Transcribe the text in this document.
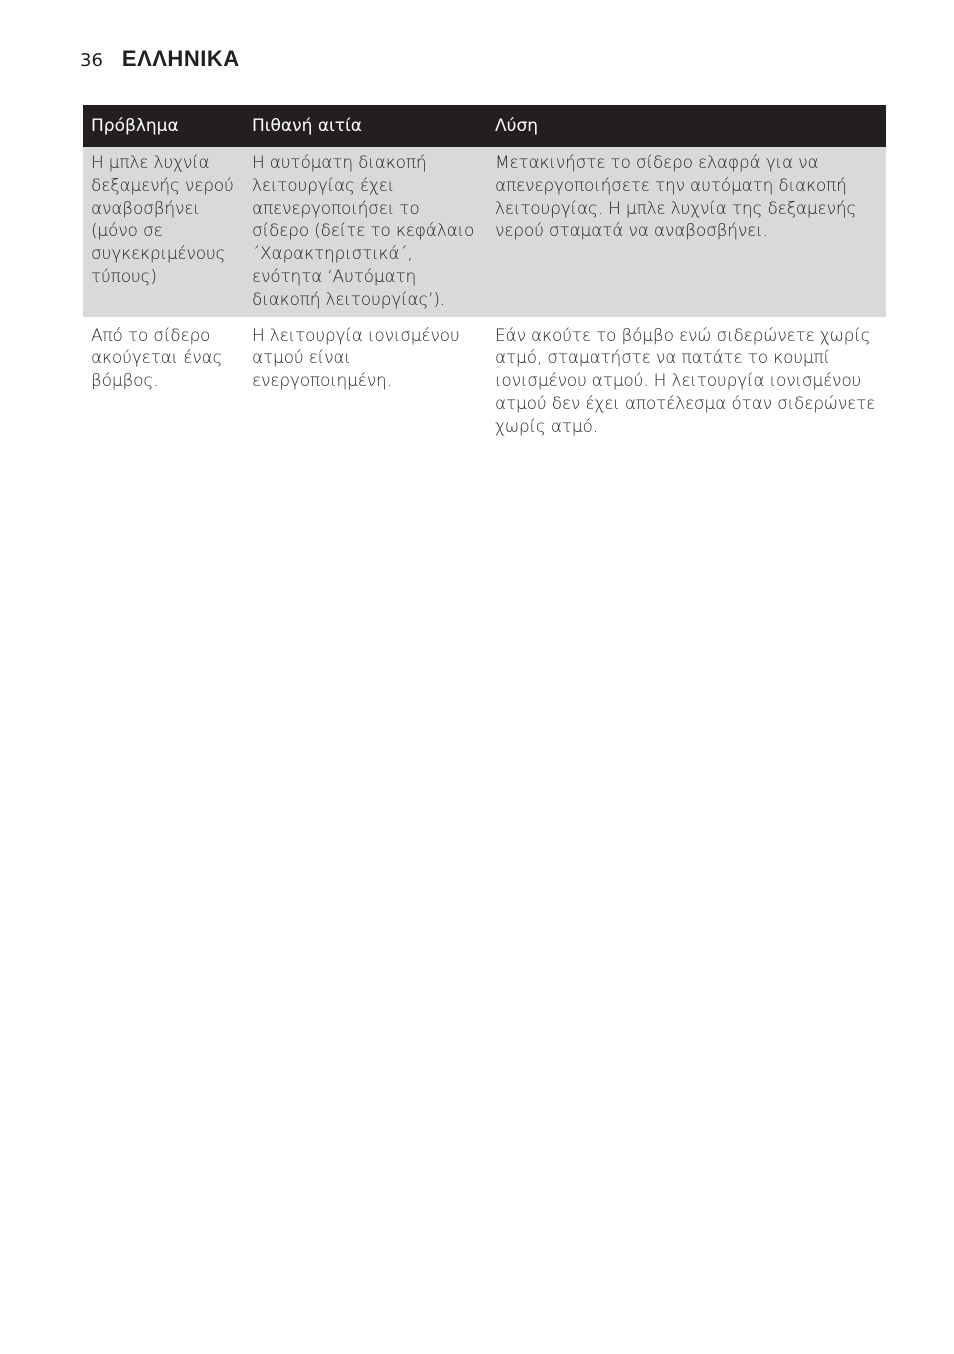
36 ΕΛΛΗΝΙΚΑ
Πρόβλημα	Πιθανή αιτία	Λύση
Η μπλε λυχνία δεξαμενής νερού αναβοσβήνει (μόνο σε συγκεκριμένους τύπους)	Η αυτόματη διακοπή λειτουργίας έχει απενεργοποιήσει το σίδερο (δείτε το κεφάλαιο ΄Χαρακτηριστικά΄, ενότητα ‘Αυτόματη διακοπή λειτουργίας’).	Μετακινήστε το σίδερο ελαφρά για να απενεργοποιήσετε την αυτόματη διακοπή λειτουργίας. Η μπλε λυχνία της δεξαμενής νερού σταματά να αναβοσβήνει.
Από το σίδερο ακούγεται ένας βόμβος.	Η λειτουργία ιονισμένου ατμού είναι ενεργοποιημένη.	Εάν ακούτε το βόμβο ενώ σιδερώνετε χωρίς ατμό, σταματήστε να πατάτε το κουμπί ιονισμένου ατμού. Η λειτουργία ιονισμένου ατμού δεν έχει αποτέλεσμα όταν σιδερώνετε χωρίς ατμό.
